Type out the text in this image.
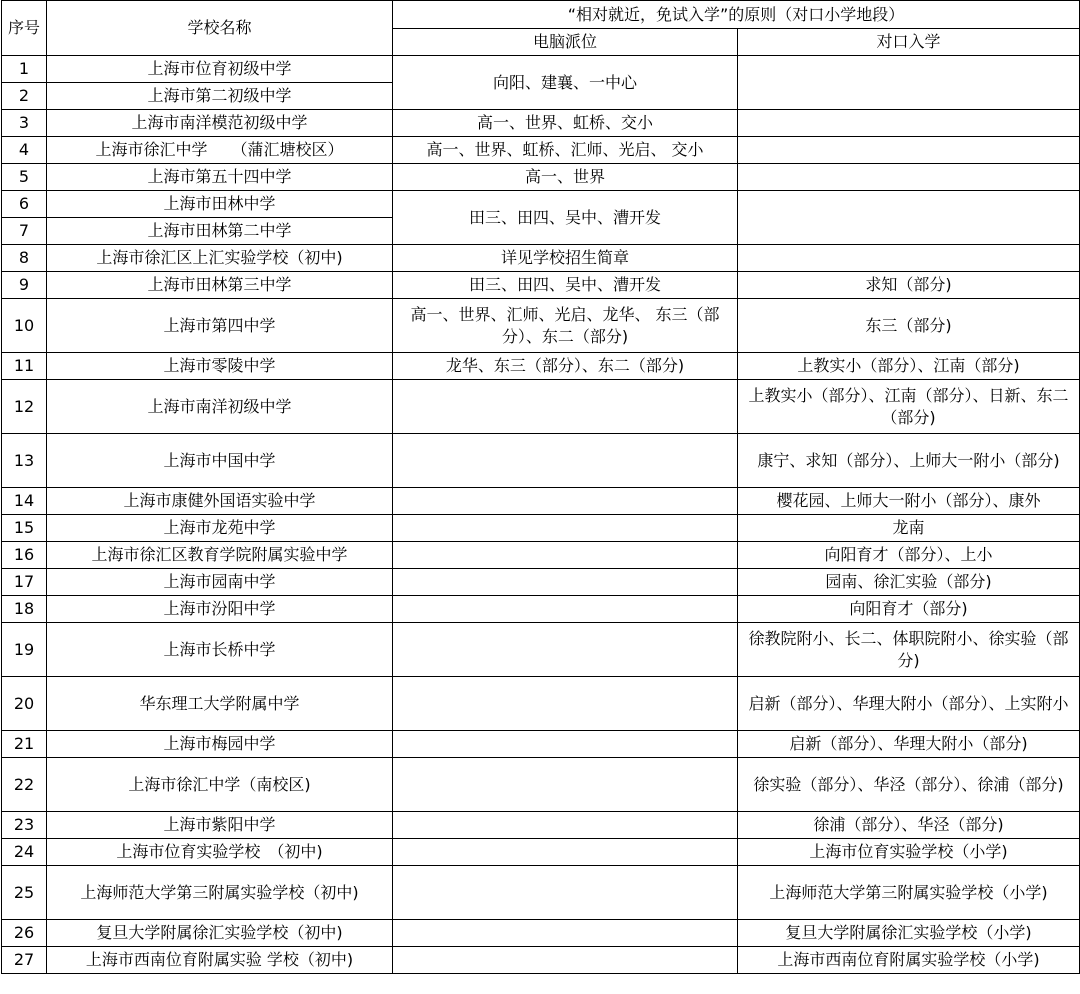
序号	学校名称	“相对就近，免试入学”的原则（对口小学地段）	
		电脑派位	对口入学
1	上海市位育初级中学	向阳、建襄、一中心	
2	上海市第二初级中学		
3	上海市南洋模范初级中学	高一、世界、虹桥、交小	
4	上海市徐汇中学　　（蒲汇塘校区）	高一、世界、虹桥、汇师、光启、 交小	
5	上海市第五十四中学	高一、世界	
6	上海市田林中学	田三、田四、吴中、漕开发	
7	上海市田林第二中学		
8	上海市徐汇区上汇实验学校（初中)	详见学校招生简章	
9	上海市田林第三中学	田三、田四、吴中、漕开发	求知（部分)
10	上海市第四中学	高一、世界、汇师、光启、龙华、 东三（部分）、东二（部分)	东三（部分)
11	上海市零陵中学	龙华、东三（部分）、东二（部分)	上教实小（部分）、江南（部分)
12	上海市南洋初级中学		上教实小（部分）、江南（部分）、日新、东二（部分)
13	上海市中国中学		康宁、求知（部分）、上师大一附小（部分)
14	上海市康健外国语实验中学		樱花园、上师大一附小（部分）、康外
15	上海市龙苑中学		龙南
16	上海市徐汇区教育学院附属实验中学		向阳育才（部分）、上小
17	上海市园南中学		园南、徐汇实验（部分)
18	上海市汾阳中学		向阳育才（部分)
19	上海市长桥中学		徐教院附小、长二、体职院附小、徐实验（部分)
20	华东理工大学附属中学		启新（部分）、华理大附小（部分）、上实附小
21	上海市梅园中学		启新（部分）、华理大附小（部分)
22	上海市徐汇中学（南校区)		徐实验（部分）、华泾（部分）、徐浦（部分)
23	上海市紫阳中学		徐浦（部分）、华泾（部分)
24	上海市位育实验学校　（初中)		上海市位育实验学校（小学)
25	上海师范大学第三附属实验学校（初中)		上海师范大学第三附属实验学校（小学)
26	复旦大学附属徐汇实验学校（初中)		复旦大学附属徐汇实验学校（小学)
27	上海市西南位育附属实验 学校（初中)		上海市西南位育附属实验学校（小学)
